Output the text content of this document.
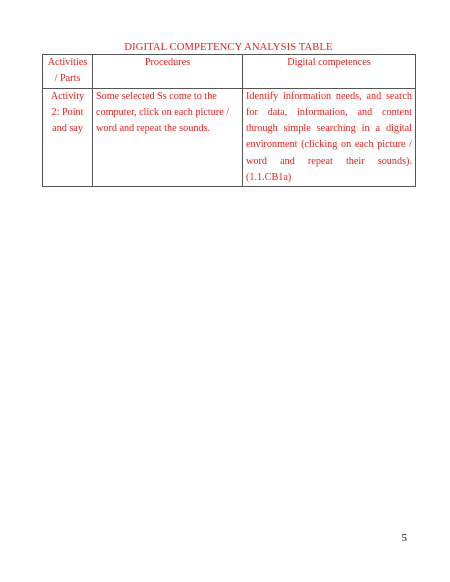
DIGITAL COMPETENCY ANALYSIS TABLE
Activities / Parts	Procedures	Digital competences
Activity 2: Point and say	Some selected Ss come to the computer, click on each picture / word and repeat the sounds.	Identify information needs, and search for data, information, and content through simple searching in a digital environment (clicking on each picture / word and repeat their sounds). (1.1.CB1a)
5
